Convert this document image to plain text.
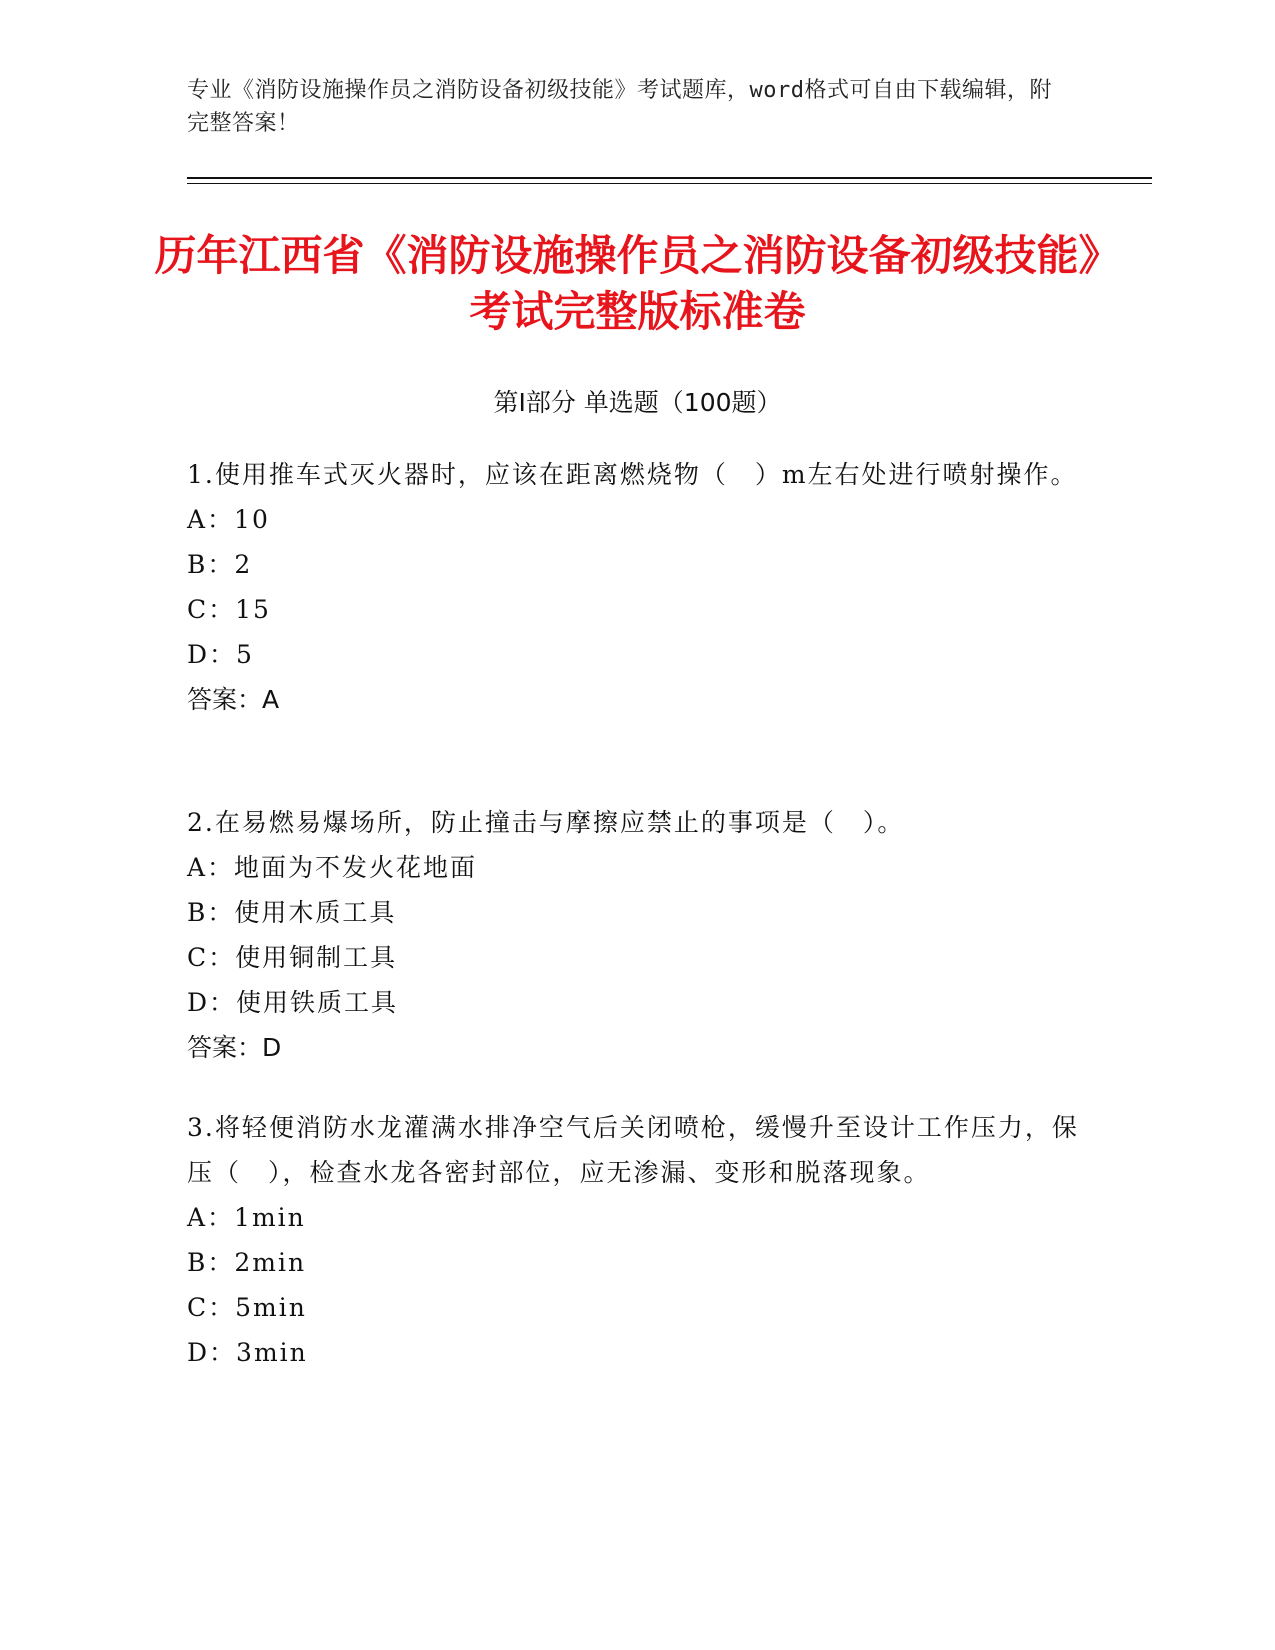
专业《消防设施操作员之消防设备初级技能》考试题库，word格式可自由下载编辑，附完整答案！
历年江西省《消防设施操作员之消防设备初级技能》考试完整版标准卷
第Ⅰ部分 单选题（100题）
1.使用推车式灭火器时，应该在距离燃烧物（　）m左右处进行喷射操作。
A：10
B：2
C：15
D：5
答案：A
2.在易燃易爆场所，防止撞击与摩擦应禁止的事项是（　）。
A：地面为不发火花地面
B：使用木质工具
C：使用铜制工具
D：使用铁质工具
答案：D
3.将轻便消防水龙灌满水排净空气后关闭喷枪，缓慢升至设计工作压力，保压（　），检查水龙各密封部位，应无渗漏、变形和脱落现象。
A：1min
B：2min
C：5min
D：3min
